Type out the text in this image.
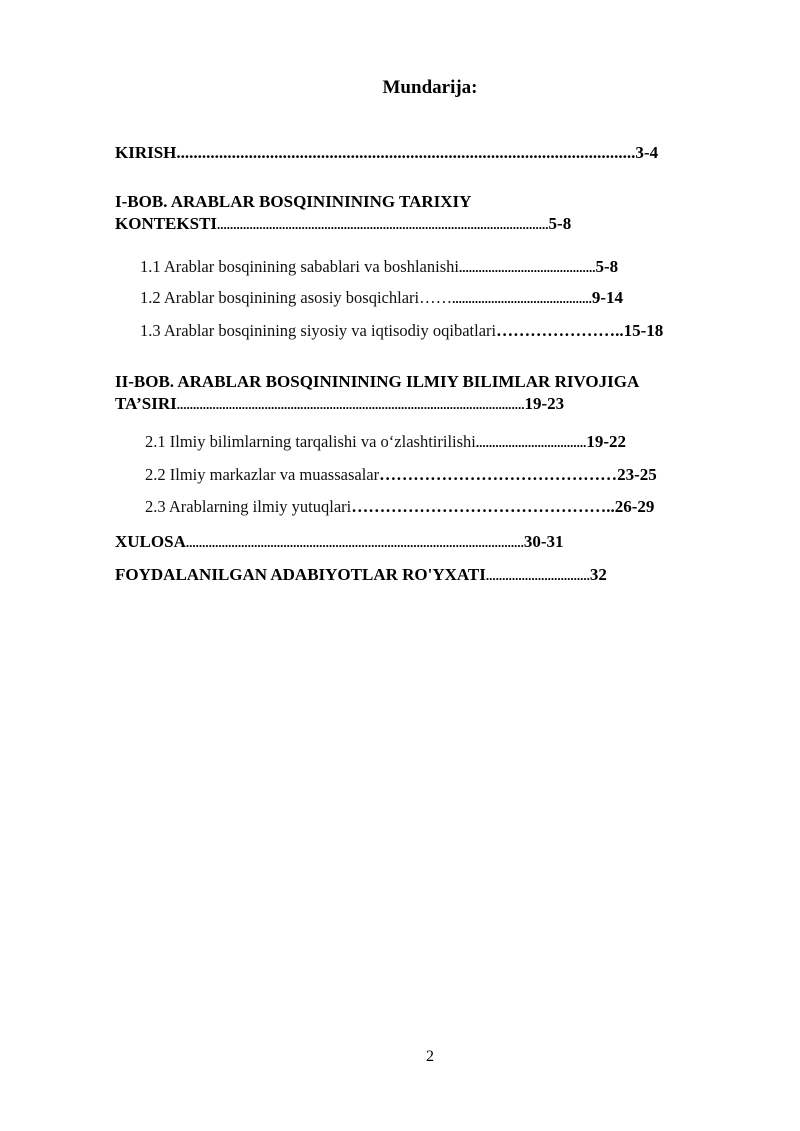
Mundarija:
KIRISH............................................................................................................3-4
I-BOB. ARABLAR BOSQINININING TARIXIY
KONTEKSTI......................................................................................................5-8
1.1 Arablar bosqinining sabablari va boshlanishi..........................................5-8
1.2 Arablar bosqinining asosiy bosqichlari……...........................................9-14
1.3 Arablar bosqinining siyosiy va iqtisodiy oqibatlari…………………..15-18
II-BOB. ARABLAR BOSQINININING ILMIY BILIMLAR RIVOJIGA
TA’SIRI...........................................................................................................19-23
2.1 Ilmiy bilimlarning tarqalishi va o‘zlashtirilishi..................................19-22
2.2 Ilmiy markazlar va muassasalar……………………………………23-25
2.3 Arablarning ilmiy yutuqlari………………………………………..26-29
XULOSA........................................................................................................30-31
FOYDALANILGAN ADABIYOTLAR RO'YXATI................................32
2
